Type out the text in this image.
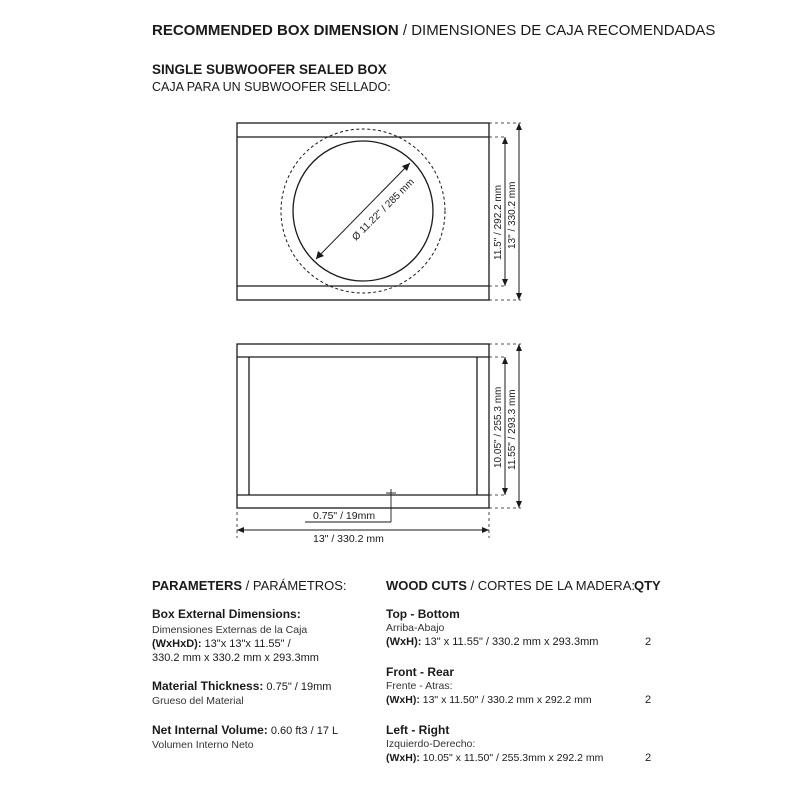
RECOMMENDED BOX DIMENSION / DIMENSIONES DE CAJA RECOMENDADAS
SINGLE SUBWOOFER SEALED BOX
CAJA PARA UN SUBWOOFER SELLADO:
Ø 11.22" / 285 mm	11.5" / 292.2 mm 13" / 330.2 mm
10.05" / 255.3 mm 11.55" / 293.3 mm
0.75" / 19mm
13" / 330.2 mm
PARAMETERS / PARÁMETROS:
Box External Dimensions:
Dimensiones Externas de la Caja
(WxHxD): 13"x 13"x 11.55" /
330.2 mm x 330.2 mm x 293.3mm
Material Thickness: 0.75" / 19mm
Grueso del Material
Net Internal Volume: 0.60 ft3 / 17 L
Volumen Interno Neto
WOOD CUTS / CORTES DE LA MADERA: QTY
Top - Bottom
Arriba-Abajo
(WxH): 13" x 11.55" / 330.2 mm x 293.3mm	2
Front - Rear
Frente - Atras:
(WxH): 13" x 11.50" / 330.2 mm x 292.2 mm	2
Left - Right
Izquierdo-Derecho:
(WxH): 10.05" x 11.50" / 255.3mm x 292.2 mm	2
